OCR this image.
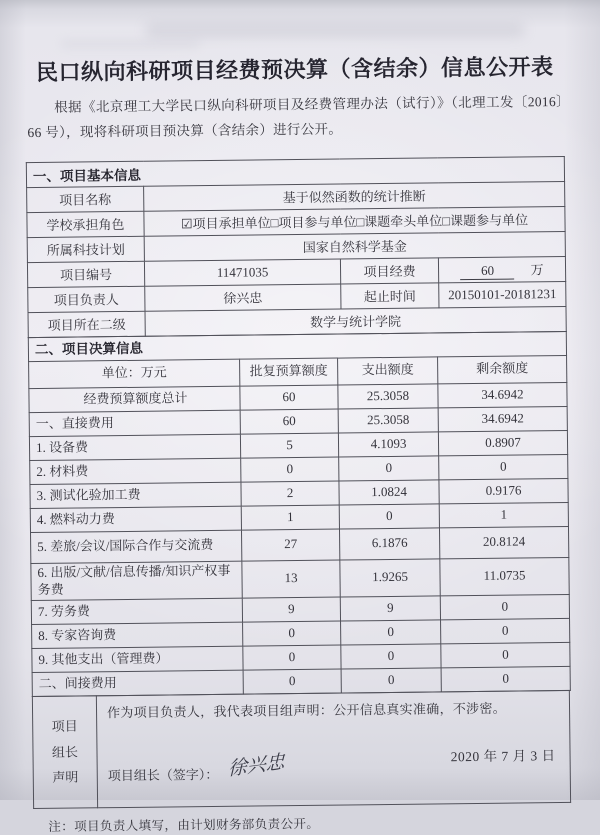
民口纵向科研项目经费预决算（含结余）信息公开表

根据《北京理工大学民口纵向科研项目及经费管理办法（试行）》（北理工发〔2016〕66 号），现将科研项目预决算（含结余）进行公开。

一、项目基本信息			
项目名称	基于似然函数的统计推断		
学校承担角色	☑项目承担单位□项目参与单位□课题牵头单位□课题参与单位		
所属科技计划	国家自然科学基金		
项目编号	11471035	项目经费	60 万
项目负责人	徐兴忠	起止时间	20150101-20181231
项目所在二级	数学与统计学院		
二、项目决算信息			
单位：万元	批复预算额度	支出额度	剩余额度
经费预算额度总计	60	25.3058	34.6942
一、直接费用	60	25.3058	34.6942
1. 设备费	5	4.1093	0.8907
2. 材料费	0	0	0
3. 测试化验加工费	2	1.0824	0.9176
4. 燃料动力费	1	0	1
5. 差旅/会议/国际合作与交流费	27	6.1876	20.8124
6. 出版/文献/信息传播/知识产权事务费	13	1.9265	11.0735
7. 劳务费	9	9	0
8. 专家咨询费	0	0	0
9. 其他支出（管理费）	0	0	0
二、间接费用	0	0	0
项目
组长
声明	
作为项目负责人，我代表项目组声明：公开信息真实准确，不涉密。
项目组长（签字）： 徐兴忠	2020 年 7 月 3 日

注：项目负责人填写，由计划财务部负责公开。
